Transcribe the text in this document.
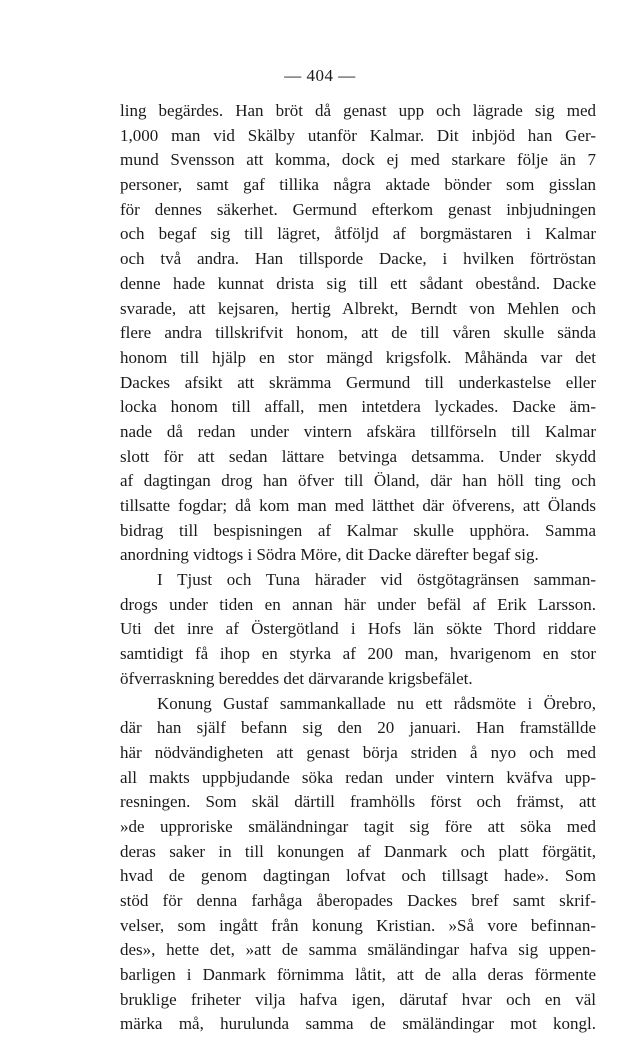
— 404 —
ling begärdes. Han bröt då genast upp och lägrade sig med
1,000 man vid Skälby utanför Kalmar. Dit inbjöd han Ger-
mund Svensson att komma, dock ej med starkare följe än 7
personer, samt gaf tillika några aktade bönder som gisslan
för dennes säkerhet. Germund efterkom genast inbjudningen
och begaf sig till lägret, åtföljd af borgmästaren i Kalmar
och två andra. Han tillsporde Dacke, i hvilken förtröstan
denne hade kunnat drista sig till ett sådant obestånd. Dacke
svarade, att kejsaren, hertig Albrekt, Berndt von Mehlen och
flere andra tillskrifvit honom, att de till våren skulle sända
honom till hjälp en stor mängd krigsfolk. Måhända var det
Dackes afsikt att skrämma Germund till underkastelse eller
locka honom till affall, men intetdera lyckades. Dacke äm-
nade då redan under vintern afskära tillförseln till Kalmar
slott för att sedan lättare betvinga detsamma. Under skydd
af dagtingan drog han öfver till Öland, där han höll ting och
tillsatte fogdar; då kom man med lätthet där öfverens, att Ölands
bidrag till bespisningen af Kalmar skulle upphöra. Samma
anordning vidtogs i Södra Möre, dit Dacke därefter begaf sig.
I Tjust och Tuna härader vid östgötagränsen samman-
drogs under tiden en annan här under befäl af Erik Larsson.
Uti det inre af Östergötland i Hofs län sökte Thord riddare
samtidigt få ihop en styrka af 200 man, hvarigenom en stor
öfverraskning bereddes det därvarande krigsbefälet.
Konung Gustaf sammankallade nu ett rådsmöte i Örebro,
där han själf befann sig den 20 januari. Han framställde
här nödvändigheten att genast börja striden å nyo och med
all makts uppbjudande söka redan under vintern kväfva upp-
resningen. Som skäl därtill framhölls först och främst, att
»de upproriske smäländningar tagit sig före att söka med
deras saker in till konungen af Danmark och platt förgätit,
hvad de genom dagtingan lofvat och tillsagt hade». Som
stöd för denna farhåga åberopades Dackes bref samt skrif-
velser, som ingått från konung Kristian. »Så vore befinnan-
des», hette det, »att de samma smäländingar hafva sig uppen-
barligen i Danmark förnimma låtit, att de alla deras förmente
bruklige friheter vilja hafva igen, därutaf hvar och en väl
märka må, hurulunda samma de smäländingar mot kongl.
